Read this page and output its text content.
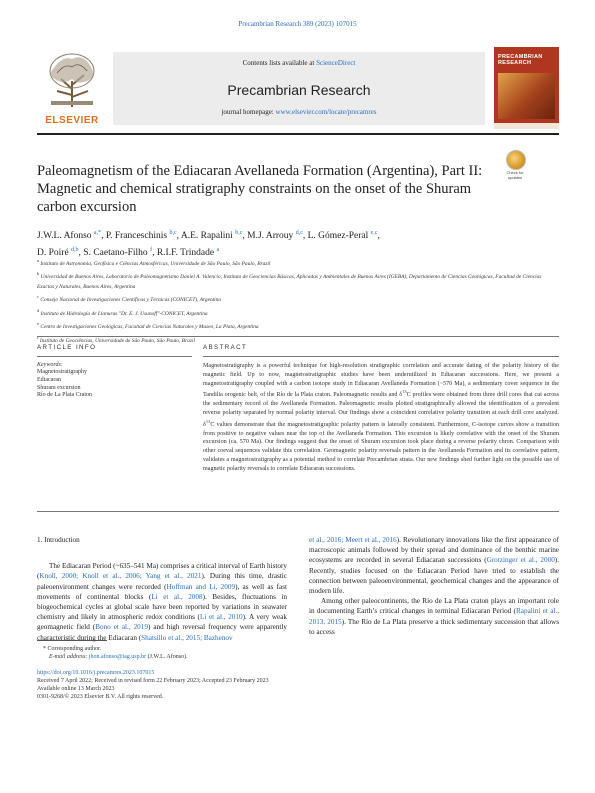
Precambrian Research 389 (2023) 107015
ELSEVIER
Contents lists available at ScienceDirect
Precambrian Research
journal homepage: www.elsevier.com/locate/precamres
PRECAMBRIAN RESEARCH
Paleomagnetism of the Ediacaran Avellaneda Formation (Argentina), Part II: Magnetic and chemical stratigraphy constraints on the onset of the Shuram carbon excursion
Check for
updates
J.W.L. Afonso $^{a,*}$, P. Franceschinis $^{b,c}$, A.E. Rapalini $^{b,c}$, M.J. Arrouy $^{d,c}$, L. Gómez-Peral $^{e,c}$,
D. Poiré $^{d,b}$, S. Caetano-Filho $^f$, R.I.F. Trindade $^a$
$^a$ Instituto de Astronomia, Geofísica e Ciências Atmosféricas, Universidade de São Paulo, São Paulo, Brazil
$^b$ Universidad de Buenos Aires, Laboratorio de Paleomagnetismo Daniel A. Valencio, Instituto de Geociencias Básicas, Aplicadas y Ambientales de Buenos Aires (IGEBA), Departamento de Ciencias Geológicas, Facultad de Ciencias Exactas y Naturales, Buenos Aires, Argentina
$^c$ Consejo Nacional de Investigaciones Científicas y Técnicas (CONICET), Argentina
$^d$ Instituto de Hidrología de Llanuras "Dr. E. J. Usunoff"-CONICET, Argentina
$^e$ Centro de Investigaciones Geológicas, Facultad de Ciencias Naturales y Museo, La Plata, Argentina
$^f$ Instituto de Geociências, Universidade de São Paulo, São Paulo, Brazil
ARTICLE INFO
Keywords:
Magnetostratigraphy
Ediacaran
Shuram excursion
Río de La Plata Craton
ABSTRACT
Magnetostratigraphy is a powerful technique for high-resolution stratigraphic correlation and accurate dating of the polarity history of the magnetic field. Up to now, magnetostratigraphic studies have been underutilized in Ediacaran successions. Here, we present a magnetostratigraphy coupled with a carbon isotope study in Ediacaran Avellaneda Formation (~570 Ma), a sedimentary cover sequence in the Tandilia orogenic belt, of the Río de la Plata craton. Paleomagnetic results and $\delta^{13}C$ profiles were obtained from three drill cores that cut across the sedimentary record of the Avellaneda Formation. Paleomagnetic results plotted stratigraphically allowed the identification of a prevalent reverse polarity separated by normal polarity interval. Our findings show a coincident correlative polarity transition at each drill core analyzed. $\delta^{13}C$ values demonstrate that the magnetostratigraphic polarity pattern is laterally consistent. Furthermore, C-isotope curves show a transition from positive to negative values near the top of the Avellaneda Formation. This excursion is likely correlative with the onset of the Shuram excursion (ca. 570 Ma). Our findings suggest that the onset of Shuram excursion took place during a reverse polarity chron. Comparison with other coeval sequences validate this correlation. Geomagnetic polarity reversals pattern in the Avellaneda Formation and its correlative pattern, validates a magnetostratigraphy as a potential method to correlate Precambrian strata. Our new findings shed further light on the possible use of magnetic polarity reversals to correlate Ediacaran successions.
1. Introduction

The Ediacaran Period (~635–541 Ma) comprises a critical interval of Earth history (Knoll, 2000; Knoll et al., 2006; Yang et al., 2021). During this time, drastic paleoenvironment changes were recorded (Hoffman and Li, 2009), as well as fast movements of continental blocks (Li et al., 2008). Besides, fluctuations in biogeochemical cycles at global scale have been reported by variations in seawater chemistry and likely in atmospheric redox conditions (Li et al., 2010). A very weak geomagnetic field (Bono et al., 2019) and high reversal frequency were apparently characteristic during the Ediacaran (Shatsillo et al., 2015; Bazhenov

et al., 2016; Meert et al., 2016). Revolutionary innovations like the first appearance of macroscopic animals followed by their spread and dominance of the benthic marine ecosystems are recorded in several Ediacaran successions (Grotzinger et al., 2000). Recently, studies focused on the Ediacaran Period have tried to establish the connection between paleoenvironmental, geochemical changes and the appearance of modern life.

Among other paleocontinents, the Río de La Plata craton plays an important role in documenting Earth’s critical changes in terminal Ediacaran Period (Rapalini et al., 2013, 2015). The Río de La Plata preserve a thick sedimentary succession that allows to access

* Corresponding author.
E-mail address: jhon.afonso@iag.usp.br (J.W.L. Afonso).
https://doi.org/10.1016/j.precamres.2023.107015
Received 7 April 2022; Received in revised form 22 February 2023; Accepted 23 February 2023
Available online 13 March 2023
0301-9268/© 2023 Elsevier B.V. All rights reserved.
